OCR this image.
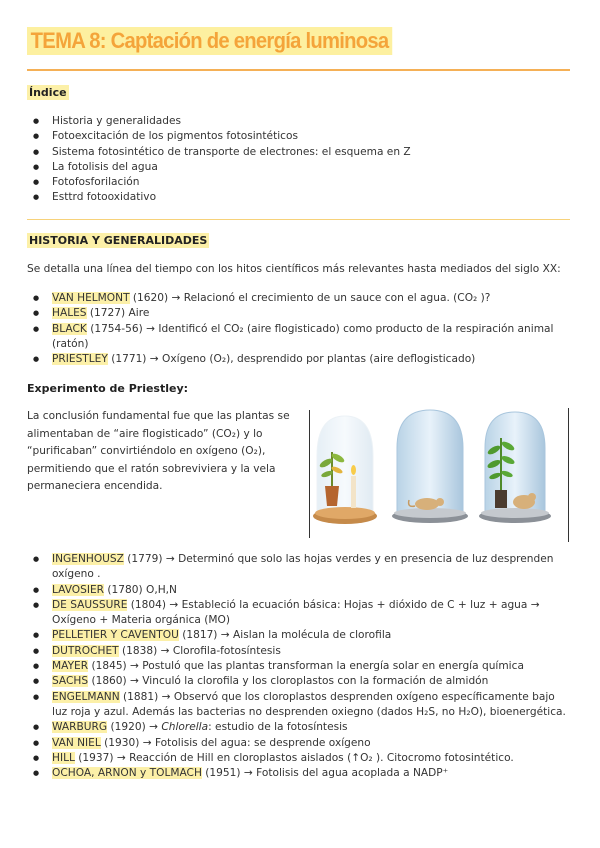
TEMA 8: Captación de energía luminosa
Índice
● Historia y generalidades
● Fotoexcitación de los pigmentos fotosintéticos
● Sistema fotosintético de transporte de electrones: el esquema en Z
● La fotolisis del agua
● Fotofosforilación
● Esttrd fotooxidativo
HISTORIA Y GENERALIDADES
Se detalla una línea del tiempo con los hitos científicos más relevantes hasta mediados del siglo XX:
● VAN HELMONT (1620) → Relacionó el crecimiento de un sauce con el agua. (CO₂ )?
● HALES (1727) Aire
● BLACK (1754-56) → Identificó el CO₂ (aire flogisticado) como producto de la respiración animal (ratón)
● PRIESTLEY (1771) → Oxígeno (O₂), desprendido por plantas (aire deflogisticado)
Experimento de Priestley:
La conclusión fundamental fue que las plantas se alimentaban de “aire flogisticado” (CO₂) y lo “purificaban” convirtiéndolo en oxígeno (O₂), permitiendo que el ratón sobreviviera y la vela permaneciera encendida.
● INGENHOUSZ (1779) → Determinó que solo las hojas verdes y en presencia de luz desprenden oxígeno .
● LAVOSIER (1780) O,H,N
● DE SAUSSURE (1804) → Estableció la ecuación básica: Hojas + dióxido de C + luz + agua → Oxígeno + Materia orgánica (MO)
● PELLETIER Y CAVENTOU (1817) → Aislan la molécula de clorofila
● DUTROCHET (1838) → Clorofila-fotosíntesis
● MAYER (1845) → Postuló que las plantas transforman la energía solar en energía química
● SACHS (1860) → Vinculó la clorofila y los cloroplastos con la formación de almidón
● ENGELMANN (1881) → Observó que los cloroplastos desprenden oxígeno específicamente bajo luz roja y azul. Además las bacterias no desprenden oxiegno (dados H₂S, no H₂O), bioenergética.
● WARBURG (1920) → Chlorella: estudio de la fotosíntesis
● VAN NIEL (1930) → Fotolisis del agua: se desprende oxígeno
● HILL (1937) → Reacción de Hill en cloroplastos aislados (↑O₂ ). Citocromo fotosintético.
● OCHOA, ARNON y TOLMACH (1951) → Fotolisis del agua acoplada a NADP⁺
